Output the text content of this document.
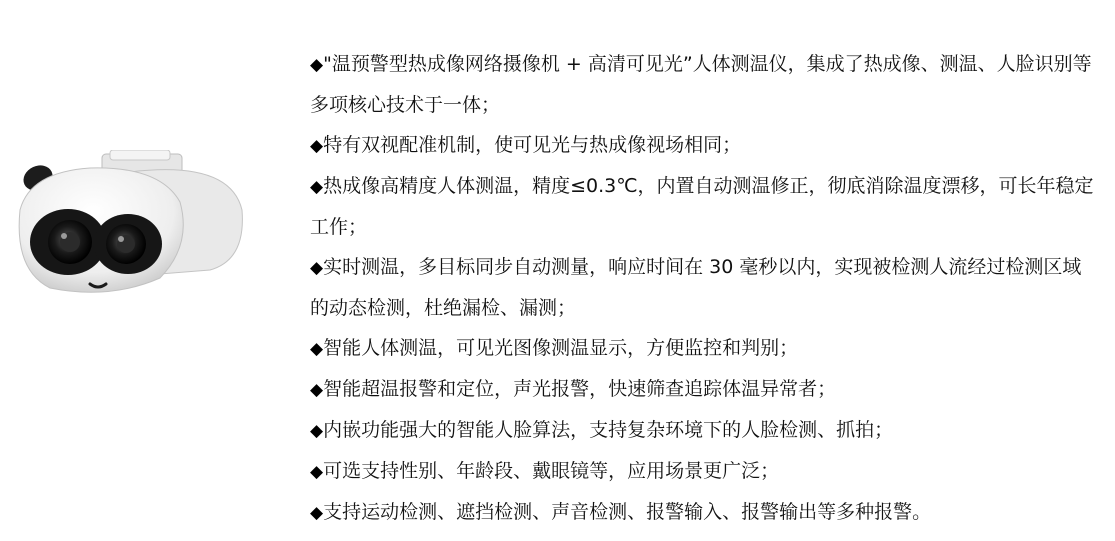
◆"温预警型热成像网络摄像机 + 高清可见光”人体测温仪，集成了热成像、测温、人脸识别等多项核心技术于一体；
◆特有双视配准机制，使可见光与热成像视场相同；
◆热成像高精度人体测温，精度≤0.3℃，内置自动测温修正，彻底消除温度漂移，可长年稳定工作；
◆实时测温，多目标同步自动测量，响应时间在 30 毫秒以内，实现被检测人流经过检测区域的动态检测，杜绝漏检、漏测；
◆智能人体测温，可见光图像测温显示，方便监控和判别；
◆智能超温报警和定位，声光报警，快速筛查追踪体温异常者；
◆内嵌功能强大的智能人脸算法，支持复杂环境下的人脸检测、抓拍；
◆可选支持性别、年龄段、戴眼镜等，应用场景更广泛；
◆支持运动检测、遮挡检测、声音检测、报警输入、报警输出等多种报警。
